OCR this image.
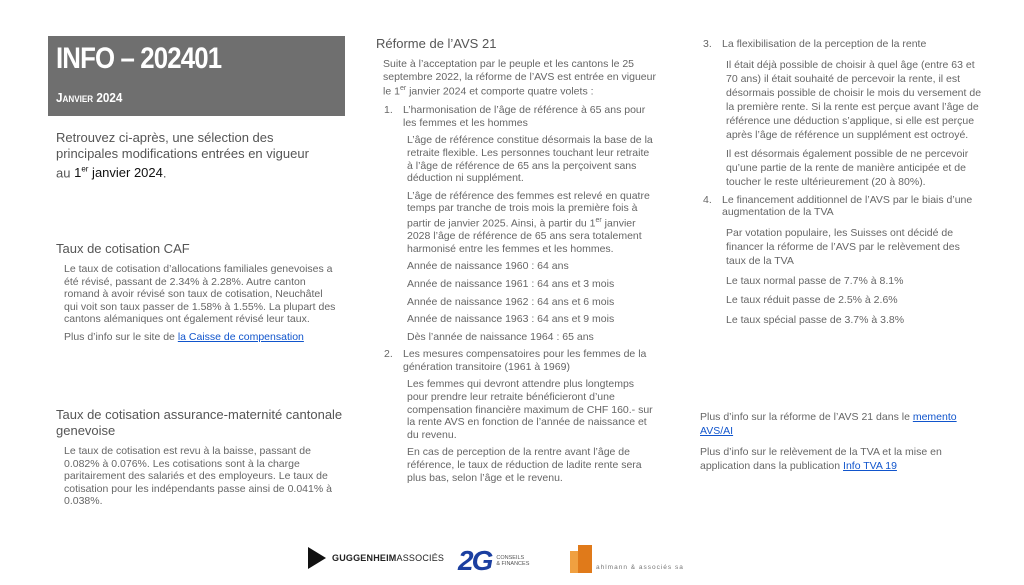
INFO – 202401
Janvier 2024
Retrouvez ci-après, une sélection des principales modifications entrées en vigueur au 1er janvier 2024.
Taux de cotisation CAF

Le taux de cotisation d’allocations familiales genevoises a été révisé, passant de 2.34% à 2.28%. Autre canton romand à avoir révisé son taux de cotisation, Neuchâtel qui voit son taux passer de 1.58% à 1.55%. La plupart des cantons alémaniques ont également révisé leur taux.

Plus d’info sur le site de la Caisse de compensation

Taux de cotisation assurance-maternité cantonale genevoise

Le taux de cotisation est revu à la baisse, passant de 0.082% à 0.076%. Les cotisations sont à la charge paritairement des salariés et des employeurs. Le taux de cotisation pour les indépendants passe ainsi de 0.041% à 0.038%.

Réforme de l’AVS 21
Suite à l’acceptation par le peuple et les cantons le 25 septembre 2022, la réforme de l’AVS est entrée en vigueur le 1er janvier 2024 et comporte quatre volets :
1. L’harmonisation de l’âge de référence à 65 ans pour les femmes et les hommes

L’âge de référence constitue désormais la base de la retraite flexible. Les personnes touchant leur retraite à l’âge de référence de 65 ans la perçoivent sans déduction ni supplément.

L’âge de référence des femmes est relevé en quatre temps par tranche de trois mois la première fois à partir de janvier 2025. Ainsi, à partir du 1er janvier 2028 l’âge de référence de 65 ans sera totalement harmonisé entre les femmes et les hommes.

Année de naissance 1960 : 64 ans

Année de naissance 1961 : 64 ans et 3 mois

Année de naissance 1962 : 64 ans et 6 mois

Année de naissance 1963 : 64 ans et 9 mois

Dès l’année de naissance 1964 : 65 ans

2. Les mesures compensatoires pour les femmes de la génération transitoire (1961 à 1969)

Les femmes qui devront attendre plus longtemps pour prendre leur retraite bénéficieront d’une compensation financière maximum de CHF 160.- sur la rente AVS en fonction de l’année de naissance et du revenu.

En cas de perception de la rentre avant l’âge de référence, le taux de réduction de ladite rente sera plus bas, selon l’âge et le revenu.

3. La flexibilisation de la perception de la rente

Il était déjà possible de choisir à quel âge (entre 63 et 70 ans) il était souhaité de percevoir la rente, il est désormais possible de choisir le mois du versement de la première rente. Si la rente est perçue avant l’âge de référence une déduction s’applique, si elle est perçue après l’âge de référence un supplément est octroyé.

Il est désormais également possible de ne percevoir qu’une partie de la rente de manière anticipée et de toucher le reste ultérieurement (20 à 80%).

4. Le financement additionnel de l’AVS par le biais d’une augmentation de la TVA

Par votation populaire, les Suisses ont décidé de financer la réforme de l’AVS par le relèvement des taux de la TVA

Le taux normal passe de 7.7% à 8.1%

Le taux réduit passe de 2.5% à 2.6%

Le taux spécial passe de 3.7% à 3.8%

Plus d’info sur la réforme de l’AVS 21 dans le memento AVS/AI

Plus d’info sur le relèvement de la TVA et la mise en application dans la publication Info TVA 19

GUGGENHEIMASSOCIÉS 2G CONSEILS
& FINANCES	ahlmann & associés sa
